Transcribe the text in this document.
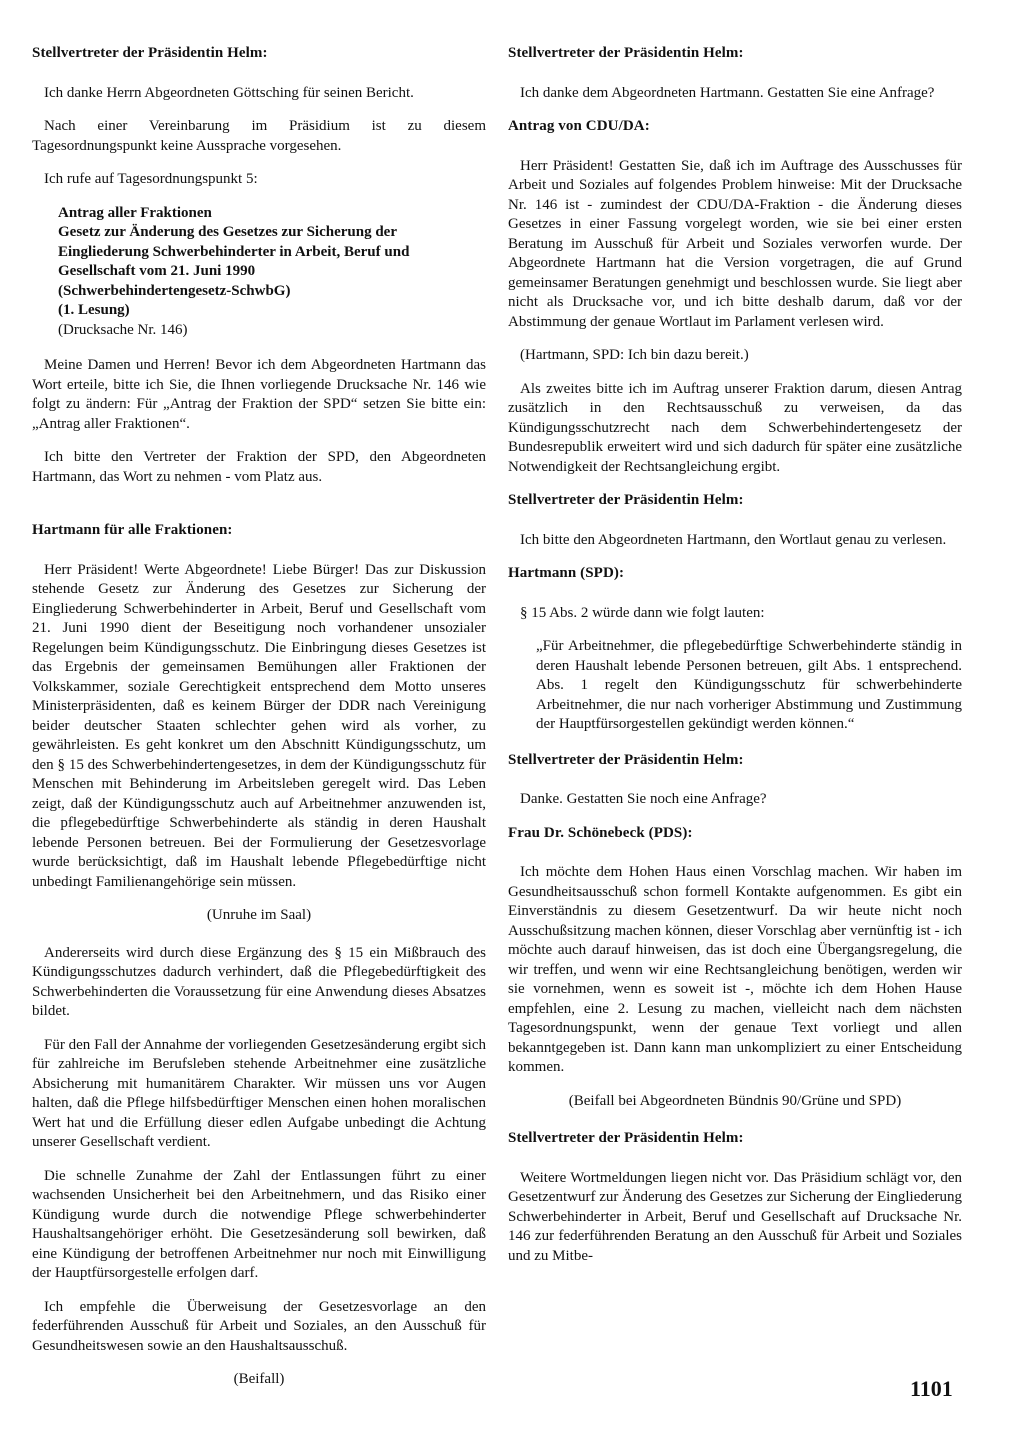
Stellvertreter der Präsidentin Helm:
Ich danke Herrn Abgeordneten Göttsching für seinen Bericht.
Nach einer Vereinbarung im Präsidium ist zu diesem Tagesordnungspunkt keine Aussprache vorgesehen.
Ich rufe auf Tagesordnungspunkt 5:
Antrag aller Fraktionen
Gesetz zur Änderung des Gesetzes zur Sicherung der Eingliederung Schwerbehinderter in Arbeit, Beruf und Gesellschaft vom 21. Juni 1990
(Schwerbehindertengesetz-SchwbG)
(1. Lesung)
(Drucksache Nr. 146)
Meine Damen und Herren! Bevor ich dem Abgeordneten Hartmann das Wort erteile, bitte ich Sie, die Ihnen vorliegende Drucksache Nr. 146 wie folgt zu ändern: Für „Antrag der Fraktion der SPD“ setzen Sie bitte ein: „Antrag aller Fraktionen“.
Ich bitte den Vertreter der Fraktion der SPD, den Abgeordneten Hartmann, das Wort zu nehmen - vom Platz aus.
Hartmann für alle Fraktionen:
Herr Präsident! Werte Abgeordnete! Liebe Bürger! Das zur Diskussion stehende Gesetz zur Änderung des Gesetzes zur Sicherung der Eingliederung Schwerbehinderter in Arbeit, Beruf und Gesellschaft vom 21. Juni 1990 dient der Beseitigung noch vorhandener unsozialer Regelungen beim Kündigungsschutz. Die Einbringung dieses Gesetzes ist das Ergebnis der gemeinsamen Bemühungen aller Fraktionen der Volkskammer, soziale Gerechtigkeit entsprechend dem Motto unseres Ministerpräsidenten, daß es keinem Bürger der DDR nach Vereinigung beider deutscher Staaten schlechter gehen wird als vorher, zu gewährleisten. Es geht konkret um den Abschnitt Kündigungsschutz, um den § 15 des Schwerbehindertengesetzes, in dem der Kündigungsschutz für Menschen mit Behinderung im Arbeitsleben geregelt wird. Das Leben zeigt, daß der Kündigungsschutz auch auf Arbeitnehmer anzuwenden ist, die pflegebedürftige Schwerbehinderte als ständig in deren Haushalt lebende Personen betreuen. Bei der Formulierung der Gesetzesvorlage wurde berücksichtigt, daß im Haushalt lebende Pflegebedürftige nicht unbedingt Familienangehörige sein müssen.
(Unruhe im Saal)
Andererseits wird durch diese Ergänzung des § 15 ein Mißbrauch des Kündigungsschutzes dadurch verhindert, daß die Pflegebedürftigkeit des Schwerbehinderten die Voraussetzung für eine Anwendung dieses Absatzes bildet.
Für den Fall der Annahme der vorliegenden Gesetzesänderung ergibt sich für zahlreiche im Berufsleben stehende Arbeitnehmer eine zusätzliche Absicherung mit humanitärem Charakter. Wir müssen uns vor Augen halten, daß die Pflege hilfsbedürftiger Menschen einen hohen moralischen Wert hat und die Erfüllung dieser edlen Aufgabe unbedingt die Achtung unserer Gesellschaft verdient.
Die schnelle Zunahme der Zahl der Entlassungen führt zu einer wachsenden Unsicherheit bei den Arbeitnehmern, und das Risiko einer Kündigung wurde durch die notwendige Pflege schwerbehinderter Haushaltsangehöriger erhöht. Die Gesetzesänderung soll bewirken, daß eine Kündigung der betroffenen Arbeitnehmer nur noch mit Einwilligung der Hauptfürsorgestelle erfolgen darf.
Ich empfehle die Überweisung der Gesetzesvorlage an den federführenden Ausschuß für Arbeit und Soziales, an den Ausschuß für Gesundheitswesen sowie an den Haushaltsausschuß.
(Beifall)
Stellvertreter der Präsidentin Helm:
Ich danke dem Abgeordneten Hartmann. Gestatten Sie eine Anfrage?
Antrag von CDU/DA:
Herr Präsident! Gestatten Sie, daß ich im Auftrage des Ausschusses für Arbeit und Soziales auf folgendes Problem hinweise: Mit der Drucksache Nr. 146 ist - zumindest der CDU/DA-Fraktion - die Änderung dieses Gesetzes in einer Fassung vorgelegt worden, wie sie bei einer ersten Beratung im Ausschuß für Arbeit und Soziales verworfen wurde. Der Abgeordnete Hartmann hat die Version vorgetragen, die auf Grund gemeinsamer Beratungen genehmigt und beschlossen wurde. Sie liegt aber nicht als Drucksache vor, und ich bitte deshalb darum, daß vor der Abstimmung der genaue Wortlaut im Parlament verlesen wird.
(Hartmann, SPD: Ich bin dazu bereit.)
Als zweites bitte ich im Auftrag unserer Fraktion darum, diesen Antrag zusätzlich in den Rechtsausschuß zu verweisen, da das Kündigungsschutzrecht nach dem Schwerbehindertengesetz der Bundesrepublik erweitert wird und sich dadurch für später eine zusätzliche Notwendigkeit der Rechtsangleichung ergibt.
Stellvertreter der Präsidentin Helm:
Ich bitte den Abgeordneten Hartmann, den Wortlaut genau zu verlesen.
Hartmann (SPD):
§ 15 Abs. 2 würde dann wie folgt lauten:
„Für Arbeitnehmer, die pflegebedürftige Schwerbehinderte ständig in deren Haushalt lebende Personen betreuen, gilt Abs. 1 entsprechend. Abs. 1 regelt den Kündigungsschutz für schwerbehinderte Arbeitnehmer, die nur nach vorheriger Abstimmung und Zustimmung der Hauptfürsorgestellen gekündigt werden können.“
Stellvertreter der Präsidentin Helm:
Danke. Gestatten Sie noch eine Anfrage?
Frau Dr. Schönebeck (PDS):
Ich möchte dem Hohen Haus einen Vorschlag machen. Wir haben im Gesundheitsausschuß schon formell Kontakte aufgenommen. Es gibt ein Einverständnis zu diesem Gesetzentwurf. Da wir heute nicht noch Ausschußsitzung machen können, dieser Vorschlag aber vernünftig ist - ich möchte auch darauf hinweisen, das ist doch eine Übergangsregelung, die wir treffen, und wenn wir eine Rechtsangleichung benötigen, werden wir sie vornehmen, wenn es soweit ist -, möchte ich dem Hohen Hause empfehlen, eine 2. Lesung zu machen, vielleicht nach dem nächsten Tagesordnungspunkt, wenn der genaue Text vorliegt und allen bekanntgegeben ist. Dann kann man unkompliziert zu einer Entscheidung kommen.
(Beifall bei Abgeordneten Bündnis 90/Grüne und SPD)
Stellvertreter der Präsidentin Helm:
Weitere Wortmeldungen liegen nicht vor. Das Präsidium schlägt vor, den Gesetzentwurf zur Änderung des Gesetzes zur Sicherung der Eingliederung Schwerbehinderter in Arbeit, Beruf und Gesellschaft auf Drucksache Nr. 146 zur federführenden Beratung an den Ausschuß für Arbeit und Soziales und zu Mitbe-
1101
